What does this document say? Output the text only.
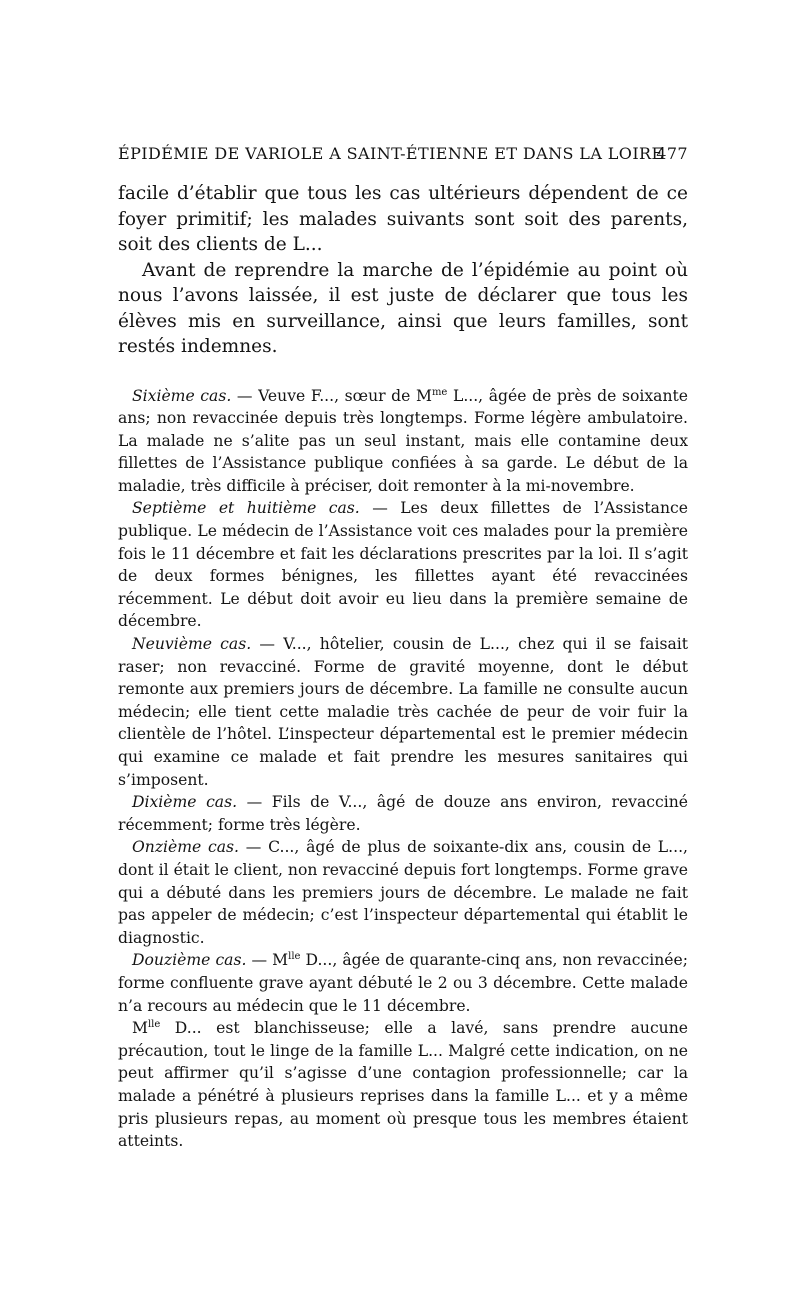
ÉPIDÉMIE DE VARIOLE A SAINT-ÉTIENNE ET DANS LA LOIRE
477

facile d’établir que tous les cas ultérieurs dépendent de ce foyer primitif; les malades suivants sont soit des parents, soit des clients de L...

Avant de reprendre la marche de l’épidémie au point où nous l’avons laissée, il est juste de déclarer que tous les élèves mis en surveillance, ainsi que leurs familles, sont restés indemnes.

Sixième cas. — Veuve F..., sœur de $M^{me}$ L..., âgée de près de soixante ans; non revaccinée depuis très longtemps. Forme légère ambulatoire. La malade ne s’alite pas un seul instant, mais elle contamine deux fillettes de l’Assistance publique confiées à sa garde. Le début de la maladie, très difficile à préciser, doit remonter à la mi-novembre.

Septième et huitième cas. — Les deux fillettes de l’Assistance publique. Le médecin de l’Assistance voit ces malades pour la première fois le 11 décembre et fait les déclarations prescrites par la loi. Il s’agit de deux formes bénignes, les fillettes ayant été revaccinées récemment. Le début doit avoir eu lieu dans la première semaine de décembre.

Neuvième cas. — V..., hôtelier, cousin de L..., chez qui il se faisait raser; non revacciné. Forme de gravité moyenne, dont le début remonte aux premiers jours de décembre. La famille ne consulte aucun médecin; elle tient cette maladie très cachée de peur de voir fuir la clientèle de l’hôtel. L’inspecteur départemental est le premier médecin qui examine ce malade et fait prendre les mesures sanitaires qui s’imposent.

Dixième cas. — Fils de V..., âgé de douze ans environ, revacciné récemment; forme très légère.

Onzième cas. — C..., âgé de plus de soixante-dix ans, cousin de L..., dont il était le client, non revacciné depuis fort longtemps. Forme grave qui a débuté dans les premiers jours de décembre. Le malade ne fait pas appeler de médecin; c’est l’inspecteur départemental qui établit le diagnostic.

Douzième cas. — $M^{lle}$ D..., âgée de quarante-cinq ans, non revaccinée; forme confluente grave ayant débuté le 2 ou 3 décembre. Cette malade n’a recours au médecin que le 11 décembre.

$M^{lle}$ D... est blanchisseuse; elle a lavé, sans prendre aucune précaution, tout le linge de la famille L... Malgré cette indication, on ne peut affirmer qu’il s’agisse d’une contagion professionnelle; car la malade a pénétré à plusieurs reprises dans la famille L... et y a même pris plusieurs repas, au moment où presque tous les membres étaient atteints.
